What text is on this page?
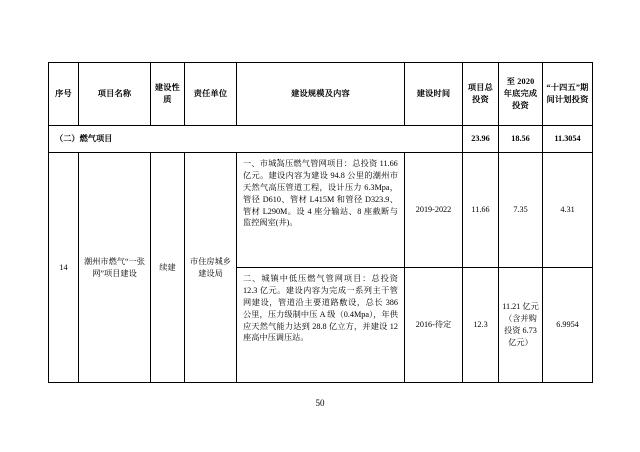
序号	项目名称	建设性质	责任单位	建设规模及内容	建设时间	项目总投资	至 2020 年底完成投资	“十四五”期间计划投资
（二）燃气项目						23.96	18.56	11.3054
14	潮州市燃气“一张网”项目建设	续建	市住房城乡建设局	一、市城̇̇高压燃气管网项目：总投资 11.66 亿元。建设内容为建设 94.8 公里的潮州市天然气高压管道工程，设计压力 6.3Mpa，管径 D610、管材 L415M 和管径 D323.9、管材 L290M。设 4 座分输站、8 座截断与监控阀室(井)。	2019-2022	11.66	7.35	4.31
				二、城镇中低压燃气管网项目：总投资 12.3 亿元。建设内容为完成一系列主干管网建设，管道沿主要道路敷设，总长 386 公里，压力级制中压 A 级（0.4Mpa），年供应天然气能力达到 28.8 亿立方，并建设 12 座高中压调压站。	2016-待定	12.3	11.21 亿元（含并购投资 6.73 亿元）	6.9954
50
